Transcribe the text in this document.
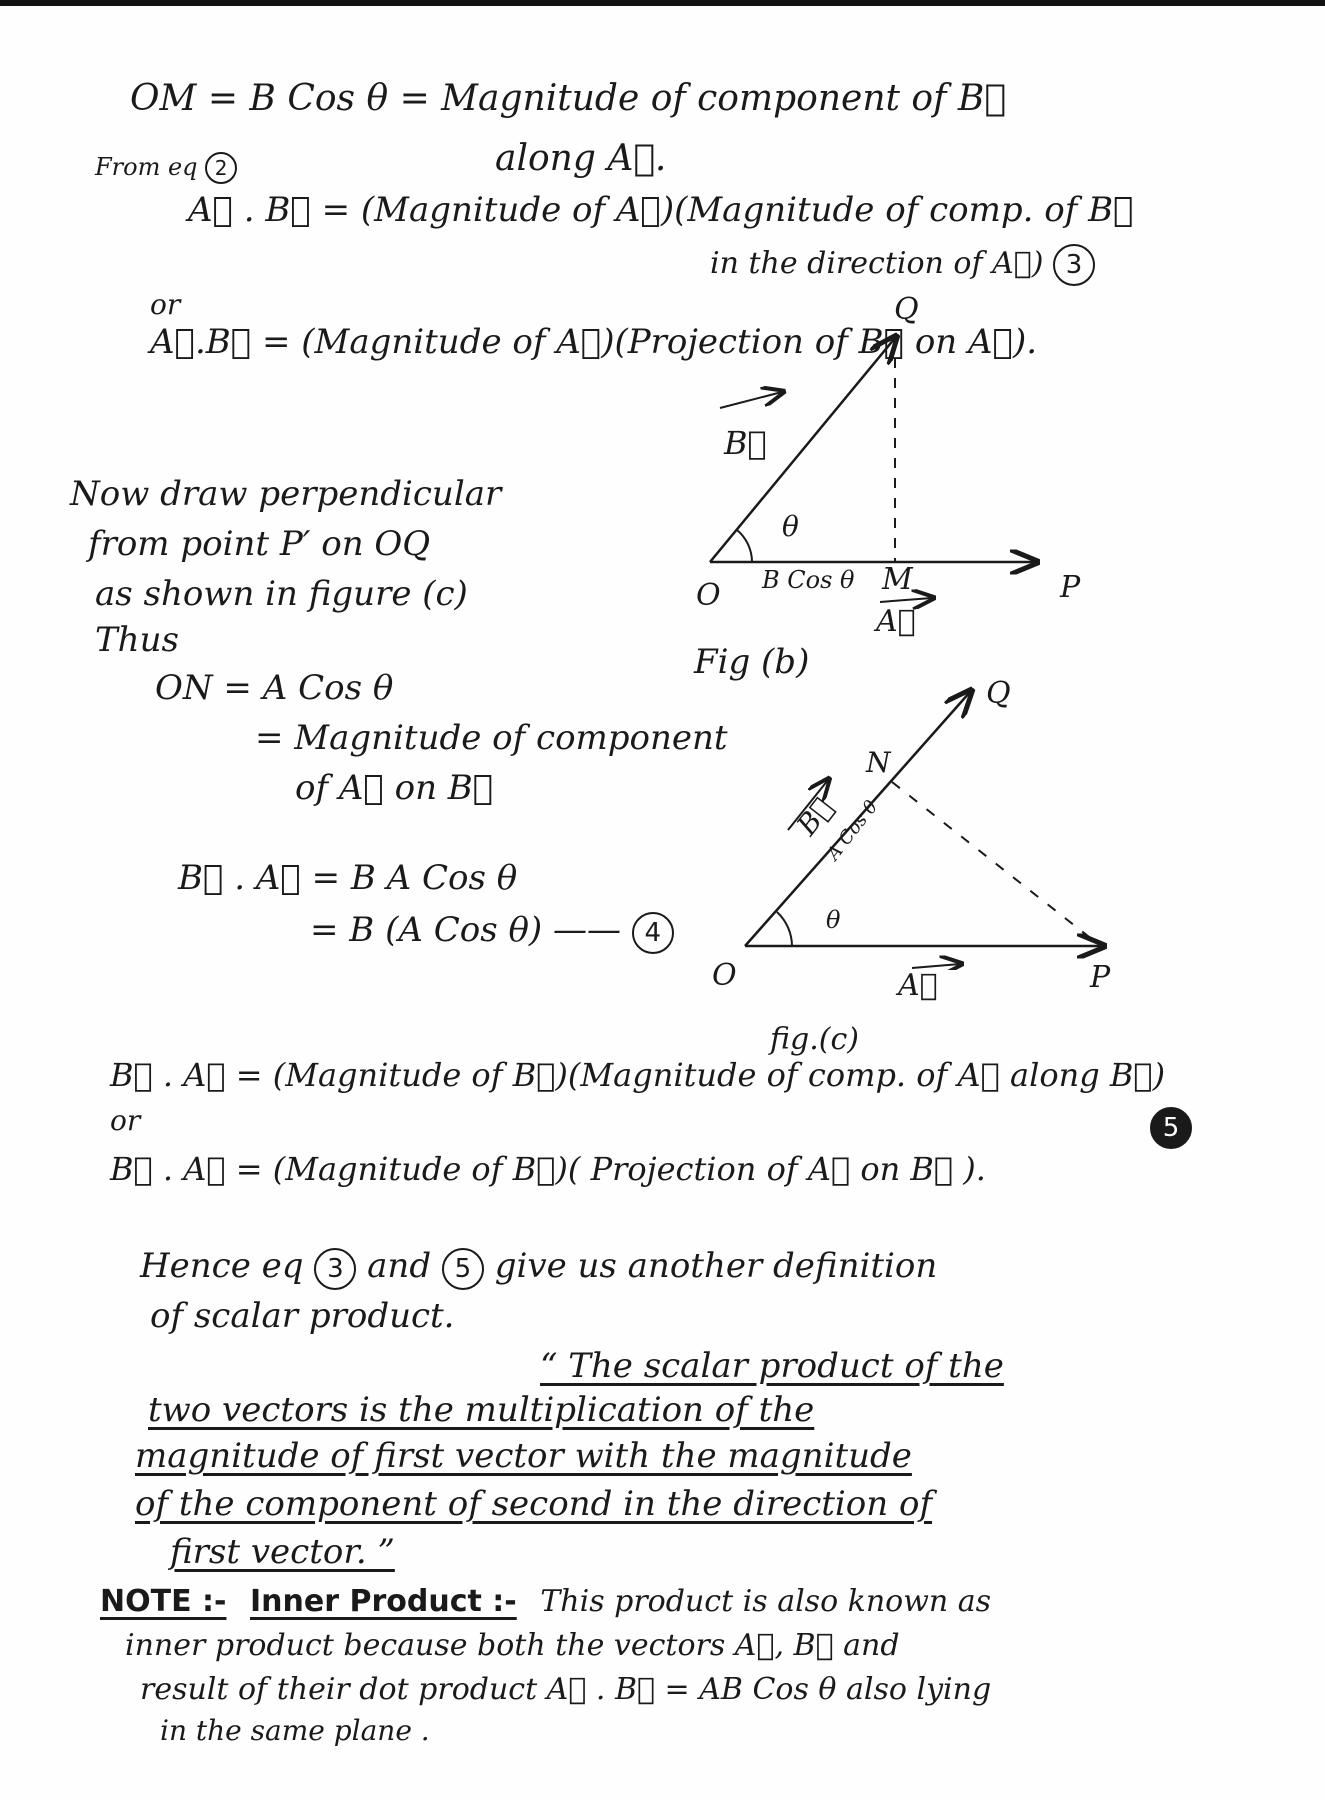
OM = B Cos θ = Magnitude of component of B⃗
From eq 2	along A⃗.
A⃗ . B⃗ = (Magnitude of A⃗)(Magnitude of comp. of B⃗
in the direction of A⃗) 3
or
A⃗.B⃗ = (Magnitude of A⃗)(Projection of B⃗ on A⃗).
Now draw perpendicular
from point P′ on OQ
as shown in figure (c)
Thus
ON = A Cos θ
= Magnitude of component
of A⃗ on B⃗
B⃗ . A⃗ = B A Cos θ
= B (A Cos θ) —— 4
Q
B⃗
θ
B Cos θ M
O	P
A⃗
Fig (b)
Q
N
B⃗
A Cos θ
θ
O	P
A⃗
fig.(c)
B⃗ . A⃗ = (Magnitude of B⃗)(Magnitude of comp. of A⃗ along B⃗)
5
or
B⃗ . A⃗ = (Magnitude of B⃗)( Projection of A⃗ on B⃗ ).
Hence eq 3 and 5 give us another definition
of scalar product.
“ The scalar product of the
two vectors is the multiplication of the
magnitude of first vector with the magnitude
of the component of second in the direction of
first vector. ”
NOTE :- Inner Product :- This product is also known as
inner product because both the vectors A⃗, B⃗ and
result of their dot product A⃗ . B⃗ = AB Cos θ also lying
in the same plane .
